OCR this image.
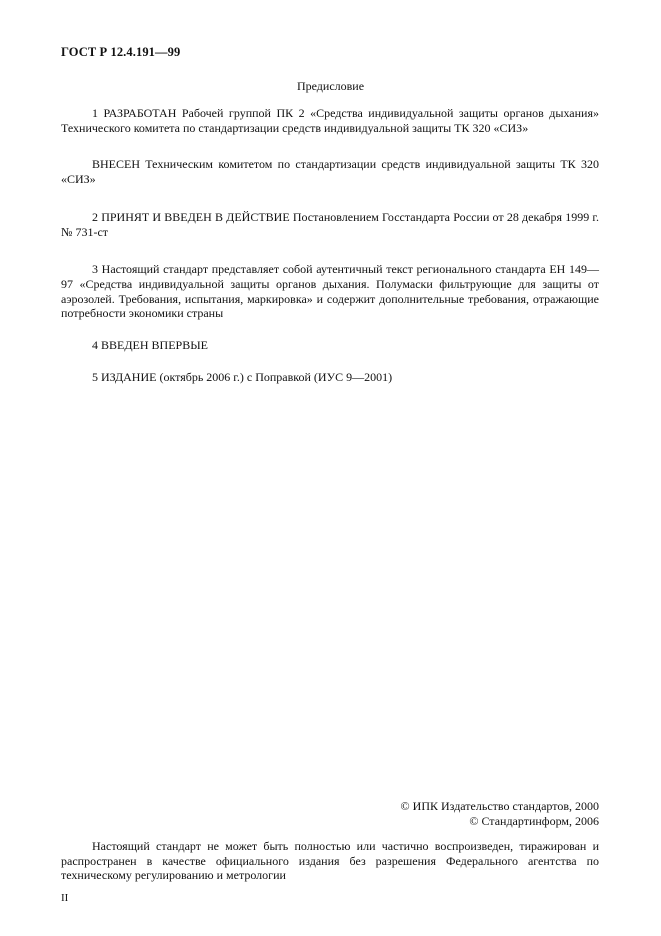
ГОСТ Р 12.4.191—99
Предисловие
1 РАЗРАБОТАН Рабочей группой ПК 2 «Средства индивидуальной защиты органов дыхания» Технического комитета по стандартизации средств индивидуальной защиты ТК 320 «СИЗ»
ВНЕСЕН Техническим комитетом по стандартизации средств индивидуальной защиты ТК 320 «СИЗ»
2 ПРИНЯТ И ВВЕДЕН В ДЕЙСТВИЕ Постановлением Госстандарта России от 28 декабря 1999 г. № 731-ст
3 Настоящий стандарт представляет собой аутентичный текст регионального стандарта ЕН 149—97 «Средства индивидуальной защиты органов дыхания. Полумаски фильтрующие для защиты от аэрозолей. Требования, испытания, маркировка» и содержит дополнительные требования, отражающие потребности экономики страны
4 ВВЕДЕН ВПЕРВЫЕ
5 ИЗДАНИЕ (октябрь 2006 г.) с Поправкой (ИУС 9—2001)
© ИПК Издательство стандартов, 2000
© Стандартинформ, 2006
Настоящий стандарт не может быть полностью или частично воспроизведен, тиражирован и распространен в качестве официального издания без разрешения Федерального агентства по техническому регулированию и метрологии
II
